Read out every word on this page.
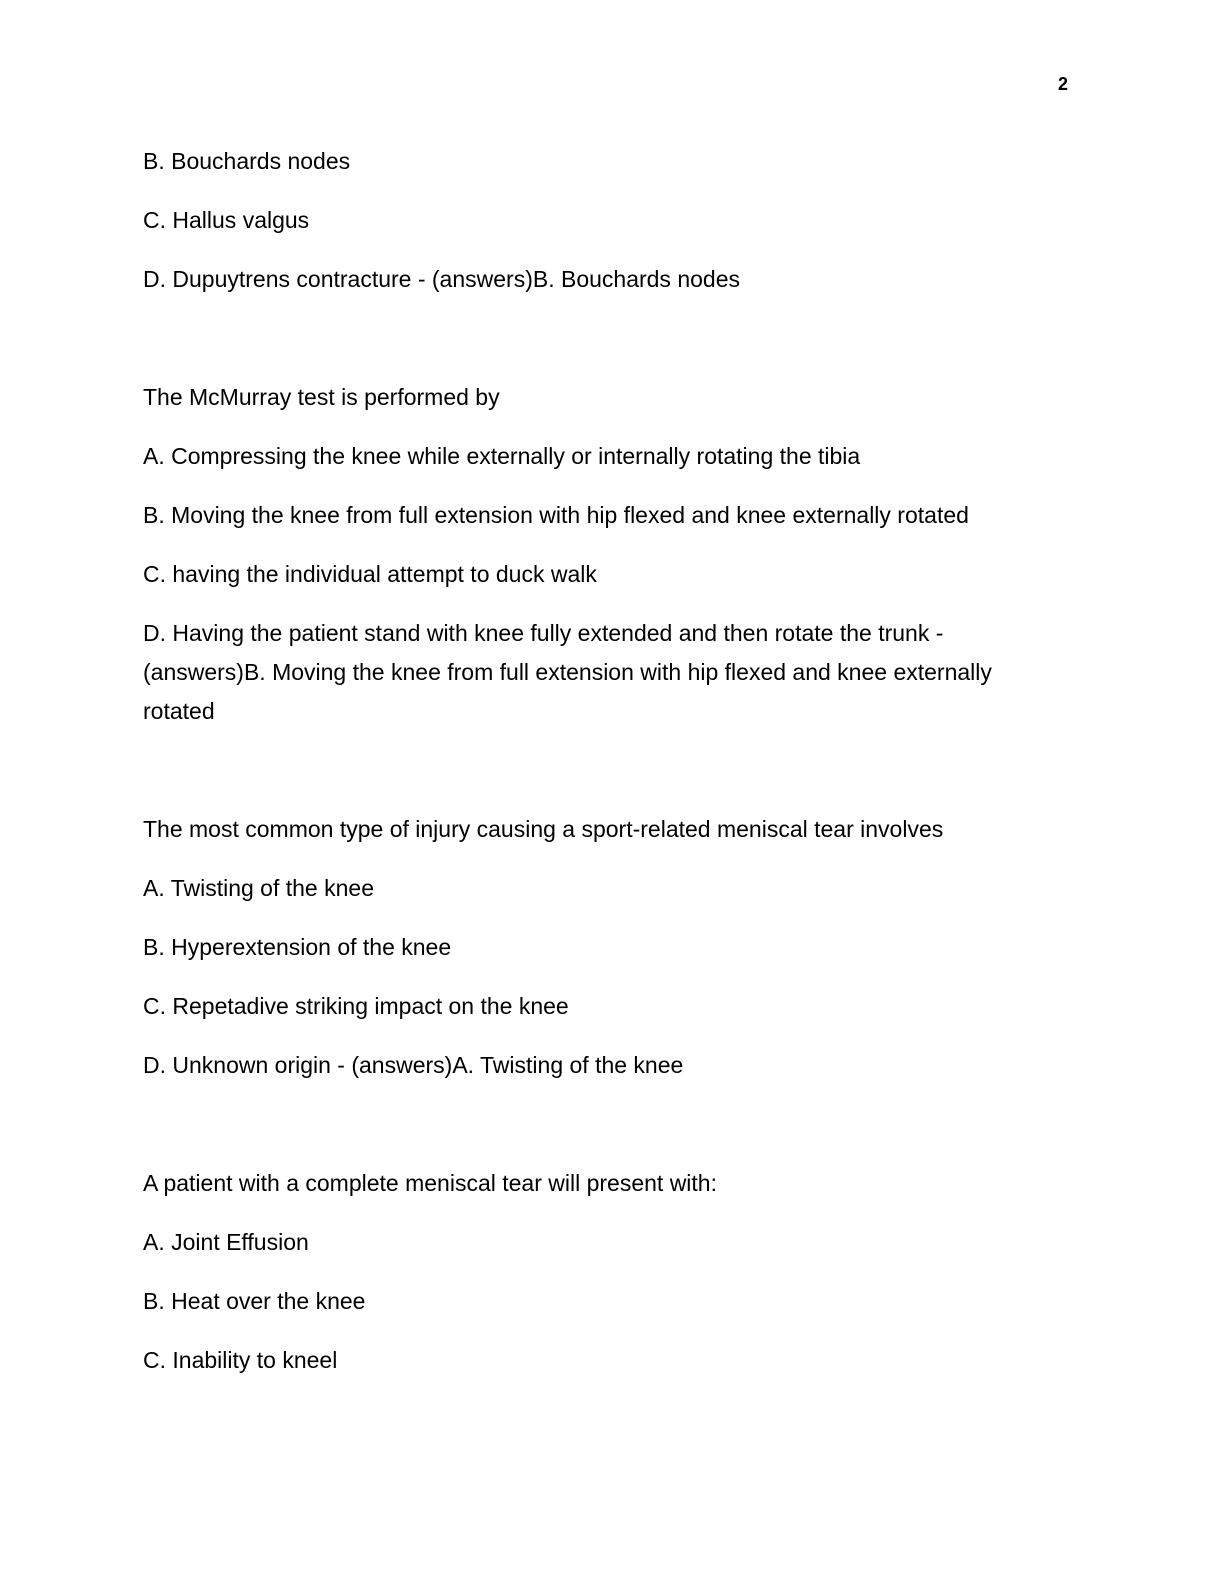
2

B. Bouchards nodes

C. Hallus valgus

D. Dupuytrens contracture - (answers)B. Bouchards nodes

The McMurray test is performed by

A. Compressing the knee while externally or internally rotating the tibia

B. Moving the knee from full extension with hip flexed and knee externally rotated

C. having the individual attempt to duck walk

D. Having the patient stand with knee fully extended and then rotate the trunk - (answers)B. Moving the knee from full extension with hip flexed and knee externally rotated

The most common type of injury causing a sport-related meniscal tear involves

A. Twisting of the knee

B. Hyperextension of the knee

C. Repetadive striking impact on the knee

D. Unknown origin - (answers)A. Twisting of the knee

A patient with a complete meniscal tear will present with:

A. Joint Effusion

B. Heat over the knee

C. Inability to kneel
